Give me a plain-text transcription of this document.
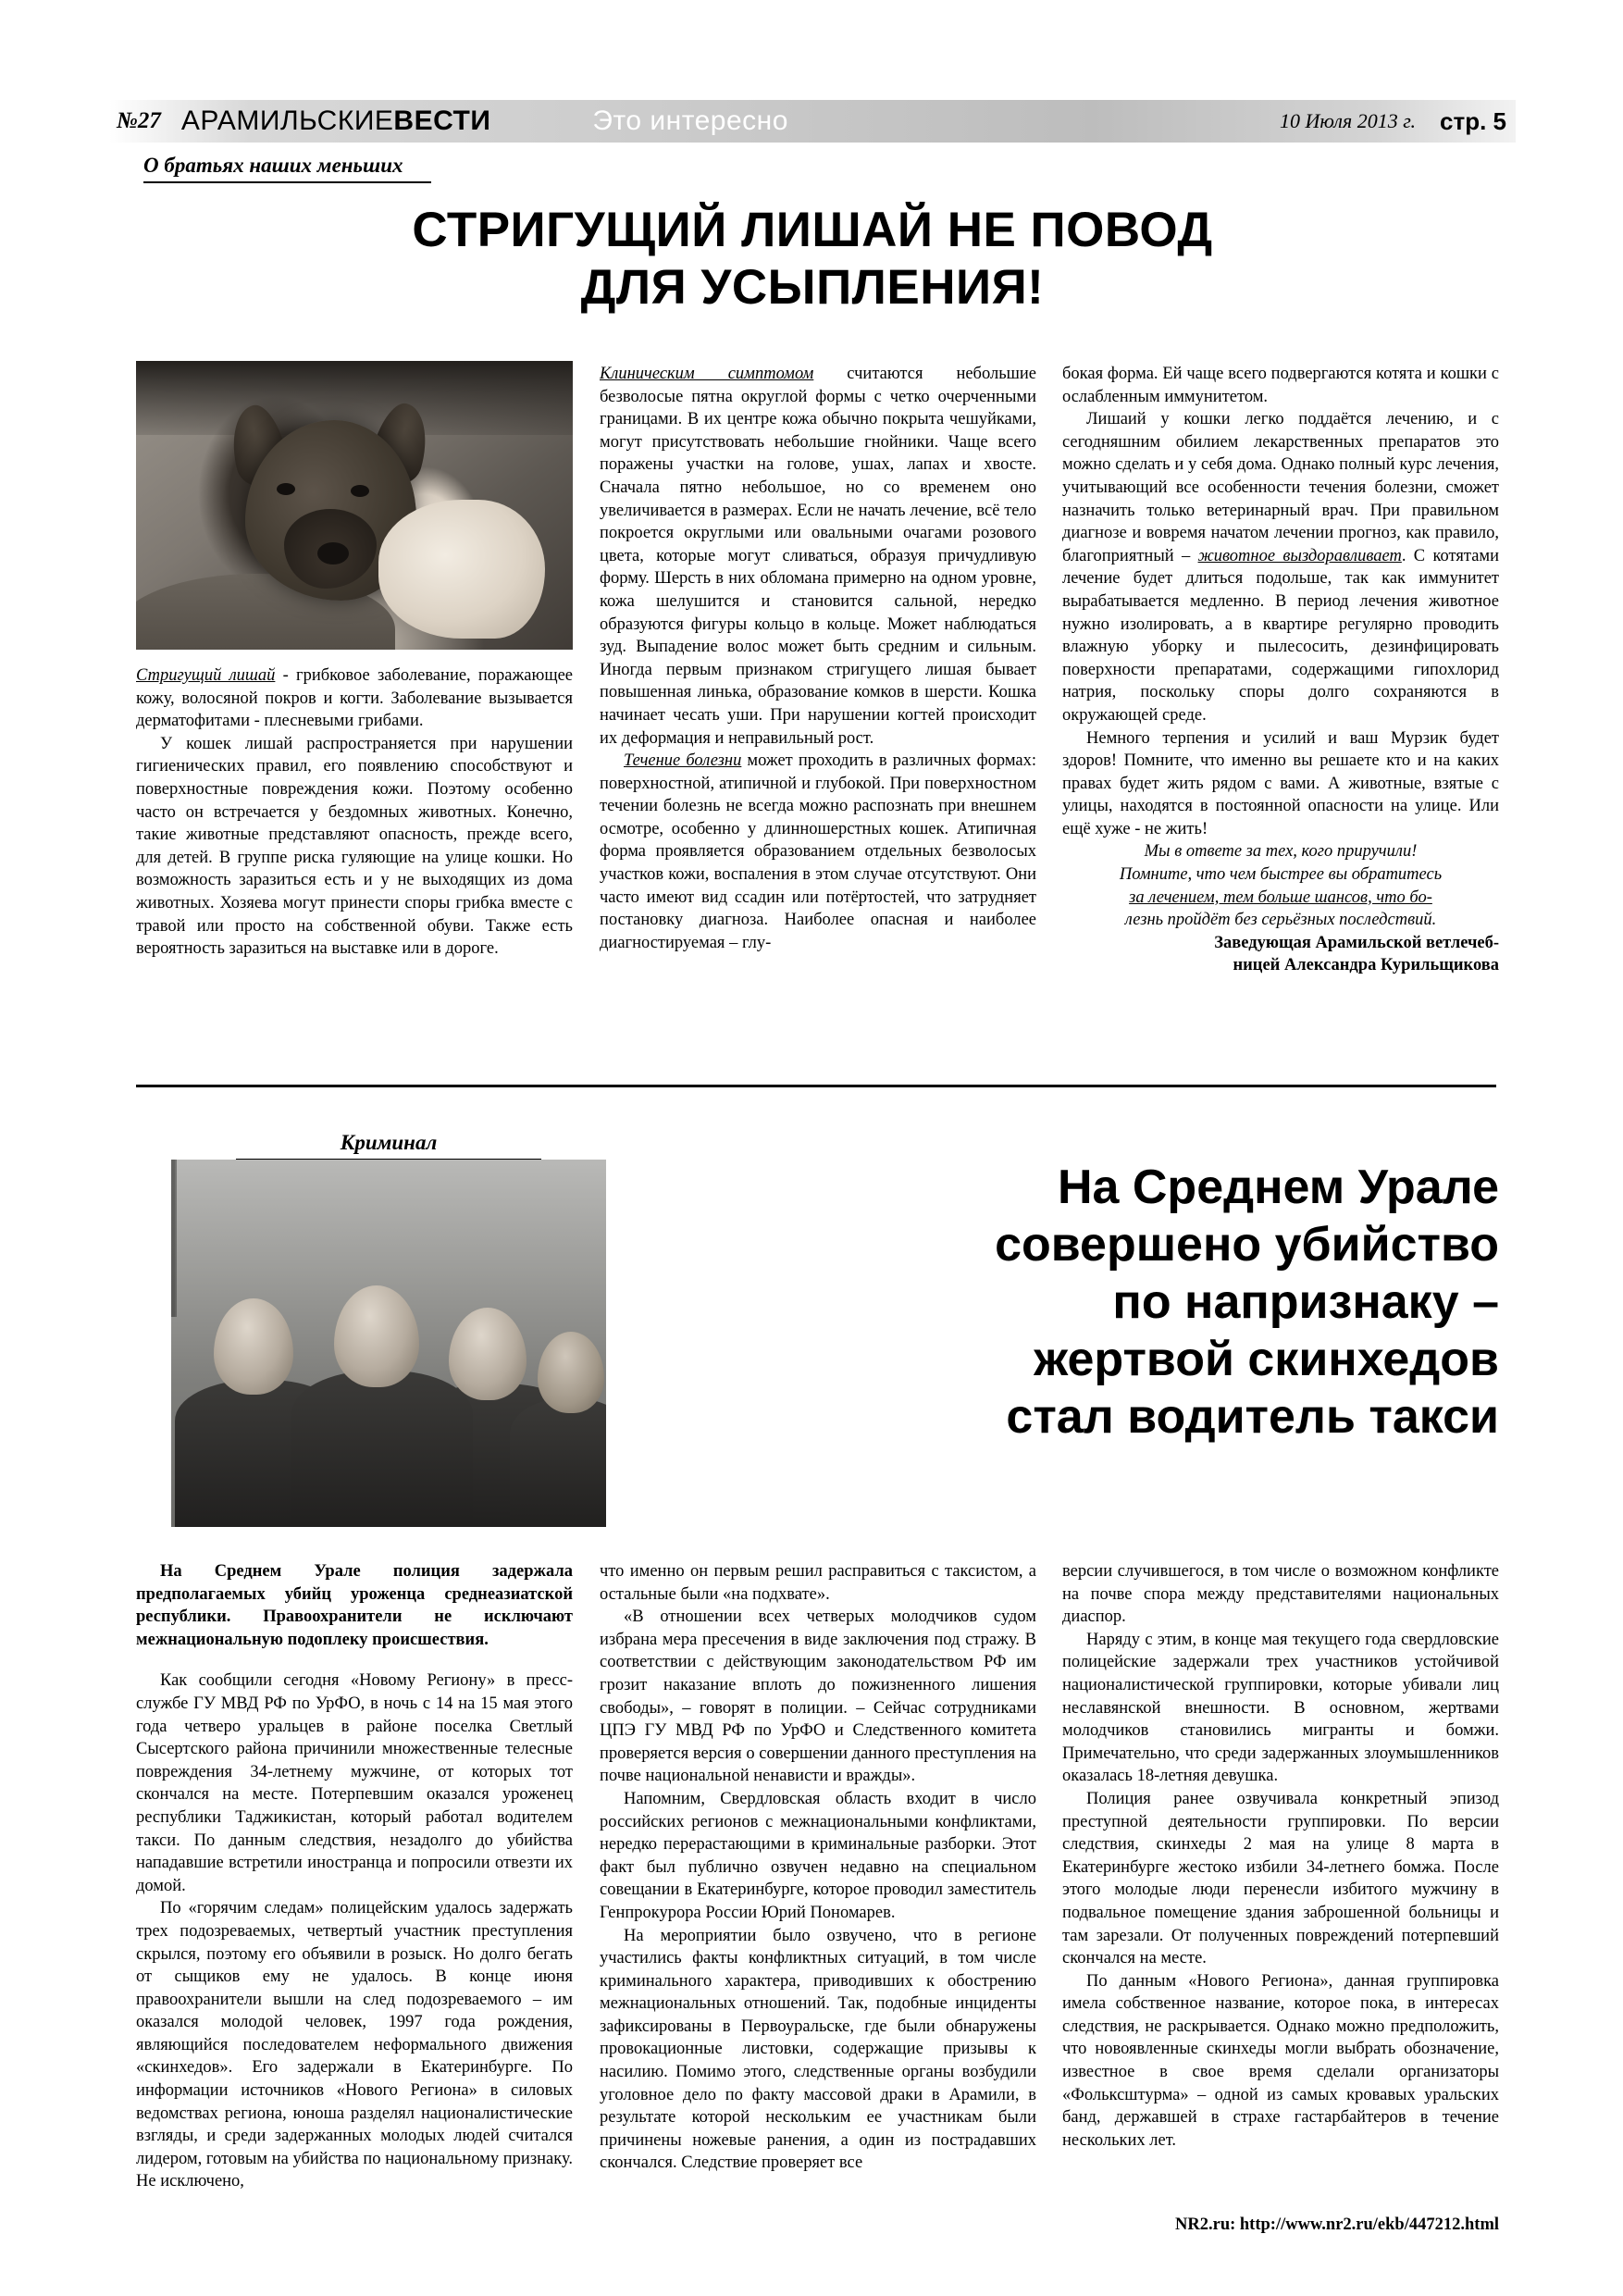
№27 АРАМИЛЬСКИЕВЕСТИ	Это интересно	10 Июля 2013 г. стр. 5
О братьях наших меньших
СТРИГУЩИЙ ЛИШАЙ НЕ ПОВОД
ДЛЯ УСЫПЛЕНИЯ!

Стригущий лишай - грибковое заболевание, поражающее кожу, волосяной покров и когти. Заболевание вызывается дерматофитами - плесневыми грибами.

У кошек лишай распространяется при нарушении гигиенических правил, его появлению способствуют и поверхностные повреждения кожи. Поэтому особенно часто он встречается у бездомных животных. Конечно, такие животные представляют опасность, прежде всего, для детей. В группе риска гуляющие на улице кошки. Но возможность заразиться есть и у не выходящих из дома животных. Хозяева могут принести споры грибка вместе с травой или просто на собственной обуви. Также есть вероятность заразиться на выставке или в дороге.

Клиническим симптомом считаются небольшие безволосые пятна округлой формы с четко очерченными границами. В их центре кожа обычно покрыта чешуйками, могут присутствовать небольшие гнойники. Чаще всего поражены участки на голове, ушах, лапах и хвосте. Сначала пятно небольшое, но со временем оно увеличивается в размерах. Если не начать лечение, всё тело покроется округлыми или овальными очагами розового цвета, которые могут сливаться, образуя причудливую форму. Шерсть в них обломана примерно на одном уровне, кожа шелушится и становится сальной, нередко образуются фигуры кольцо в кольце. Может наблюдаться зуд. Выпадение волос может быть средним и сильным. Иногда первым признаком стригущего лишая бывает повышенная линька, образование комков в шерсти. Кошка начинает чесать уши. При нарушении когтей происходит их деформация и неправильный рост.

Течение болезни может проходить в различных формах: поверхностной, атипичной и глубокой. При поверхностном течении болезнь не всегда можно распознать при внешнем осмотре, особенно у длинношерстных кошек. Атипичная форма проявляется образованием отдельных безволосых участков кожи, воспаления в этом случае отсутствуют. Они часто имеют вид ссадин или потёртостей, что затрудняет постановку диагноза. Наиболее опасная и наиболее диагностируемая – глу-

бокая форма. Ей чаще всего подвергаются котята и кошки с ослабленным иммунитетом.

Лишаий у кошки легко поддаётся лечению, и с сегодняшним обилием лекарственных препаратов это можно сделать и у себя дома. Однако полный курс лечения, учитывающий все особенности течения болезни, сможет назначить только ветеринарный врач. При правильном диагнозе и вовремя начатом лечении прогноз, как правило, благоприятный – животное выздоравливает. С котятами лечение будет длиться подольше, так как иммунитет вырабатывается медленно. В период лечения животное нужно изолировать, а в квартире регулярно проводить влажную уборку и пылесосить, дезинфицировать поверхности препаратами, содержащими гипохлорид натрия, поскольку споры долго сохраняются в окружающей среде.

Немного терпения и усилий и ваш Мурзик будет здоров! Помните, что именно вы решаете кто и на каких правах будет жить рядом с вами. А животные, взятые с улицы, находятся в постоянной опасности на улице. Или ещё хуже - не жить!

Мы в ответе за тех, кого приручили!

Помните, что чем быстрее вы обратитесь

за лечением, тем больше шансов, что бо-

лезнь пройдёт без серьёзных последствий.

Заведующая Арамильской ветлечеб-

ницей Александра Курильщикова

Криминал
На Среднем Урале
совершено убийство
по напризнаку –
жертвой скинхедов
стал водитель такси

На Среднем Урале полиция задержала предполагаемых убийц уроженца среднеазиатской республики. Правоохранители не исключают межнациональную подоплеку происшествия.

Как сообщили сегодня «Новому Региону» в пресс-службе ГУ МВД РФ по УрФО, в ночь с 14 на 15 мая этого года четверо уральцев в районе поселка Светлый Сысертского района причинили множественные телесные повреждения 34-летнему мужчине, от которых тот скончался на месте. Потерпевшим оказался уроженец республики Таджикистан, который работал водителем такси. По данным следствия, незадолго до убийства нападавшие встретили иностранца и попросили отвезти их домой.

По «горячим следам» полицейским удалось задержать трех подозреваемых, четвертый участник преступления скрылся, поэтому его объявили в розыск. Но долго бегать от сыщиков ему не удалось. В конце июня правоохранители вышли на след подозреваемого – им оказался молодой человек, 1997 года рождения, являющийся последователем неформального движения «скинхедов». Его задержали в Екатеринбурге. По информации источников «Нового Региона» в силовых ведомствах региона, юноша разделял националистические взгляды, и среди задержанных молодых людей считался лидером, готовым на убийства по национальному признаку. Не исключено,

что именно он первым решил расправиться с таксистом, а остальные были «на подхвате».

«В отношении всех четверых молодчиков судом избрана мера пресечения в виде заключения под стражу. В соответствии с действующим законодательством РФ им грозит наказание вплоть до пожизненного лишения свободы», – говорят в полиции. – Сейчас сотрудниками ЦПЭ ГУ МВД РФ по УрФО и Следственного комитета проверяется версия о совершении данного преступления на почве национальной ненависти и вражды».

Напомним, Свердловская область входит в число российских регионов с межнациональными конфликтами, нередко перерастающими в криминальные разборки. Этот факт был публично озвучен недавно на специальном совещании в Екатеринбурге, которое проводил заместитель Генпрокурора России Юрий Пономарев.

На мероприятии было озвучено, что в регионе участились факты конфликтных ситуаций, в том числе криминального характера, приводивших к обострению межнациональных отношений. Так, подобные инциденты зафиксированы в Первоуральске, где были обнаружены провокационные листовки, содержащие призывы к насилию. Помимо этого, следственные органы возбудили уголовное дело по факту массовой драки в Арамили, в результате которой нескольким ее участникам были причинены ножевые ранения, а один из пострадавших скончался. Следствие проверяет все

версии случившегося, в том числе о возможном конфликте на почве спора между представителями национальных диаспор.

Наряду с этим, в конце мая текущего года свердловские полицейские задержали трех участников устойчивой националистической группировки, которые убивали лиц неславянской внешности. В основном, жертвами молодчиков становились мигранты и бомжи. Примечательно, что среди задержанных злоумышленников оказалась 18-летняя девушка.

Полиция ранее озвучивала конкретный эпизод преступной деятельности группировки. По версии следствия, скинхеды 2 мая на улице 8 марта в Екатеринбурге жестоко избили 34-летнего бомжа. После этого молодые люди перенесли избитого мужчину в подвальное помещение здания заброшенной больницы и там зарезали. От полученных повреждений потерпевший скончался на месте.

По данным «Нового Региона», данная группировка имела собственное название, которое пока, в интересах следствия, не раскрывается. Однако можно предположить, что новоявленные скинхеды могли выбрать обозначение, известное в свое время сделали организаторы «Фольксштурма» – одной из самых кровавых уральских банд, державшей в страхе гастарбайтеров в течение нескольких лет.

NR2.ru: http://www.nr2.ru/ekb/447212.html
